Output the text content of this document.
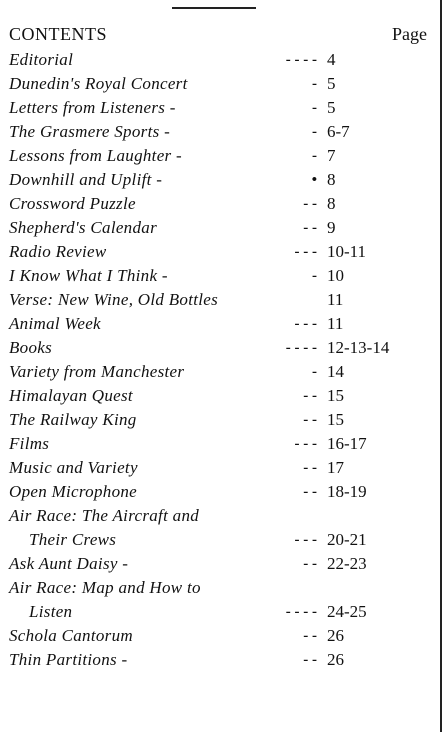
CONTENTS	Page
Editorial	- - - - 4
Dunedin's Royal Concert	- 5
Letters from Listeners -	- 5
The Grasmere Sports -	- 6-7
Lessons from Laughter -	- 7
Downhill and Uplift -	• 8
Crossword Puzzle	- - 8
Shepherd's Calendar	- - 9
Radio Review	- - - 10-11
I Know What I Think -	- 10
Verse: New Wine, Old Bottles	11
Animal Week	- - - 11
Books	- - - - 12-13-14
Variety from Manchester	- 14
Himalayan Quest	- - 15
The Railway King	- - 15
Films	- - - 16-17
Music and Variety	- - 17
Open Microphone	- - 18-19
Air Race: The Aircraft and
Their Crews	- - - 20-21
Ask Aunt Daisy -	- - 22-23
Air Race: Map and How to
Listen	- - - - 24-25
Schola Cantorum	- - 26
Thin Partitions -	- - 26
